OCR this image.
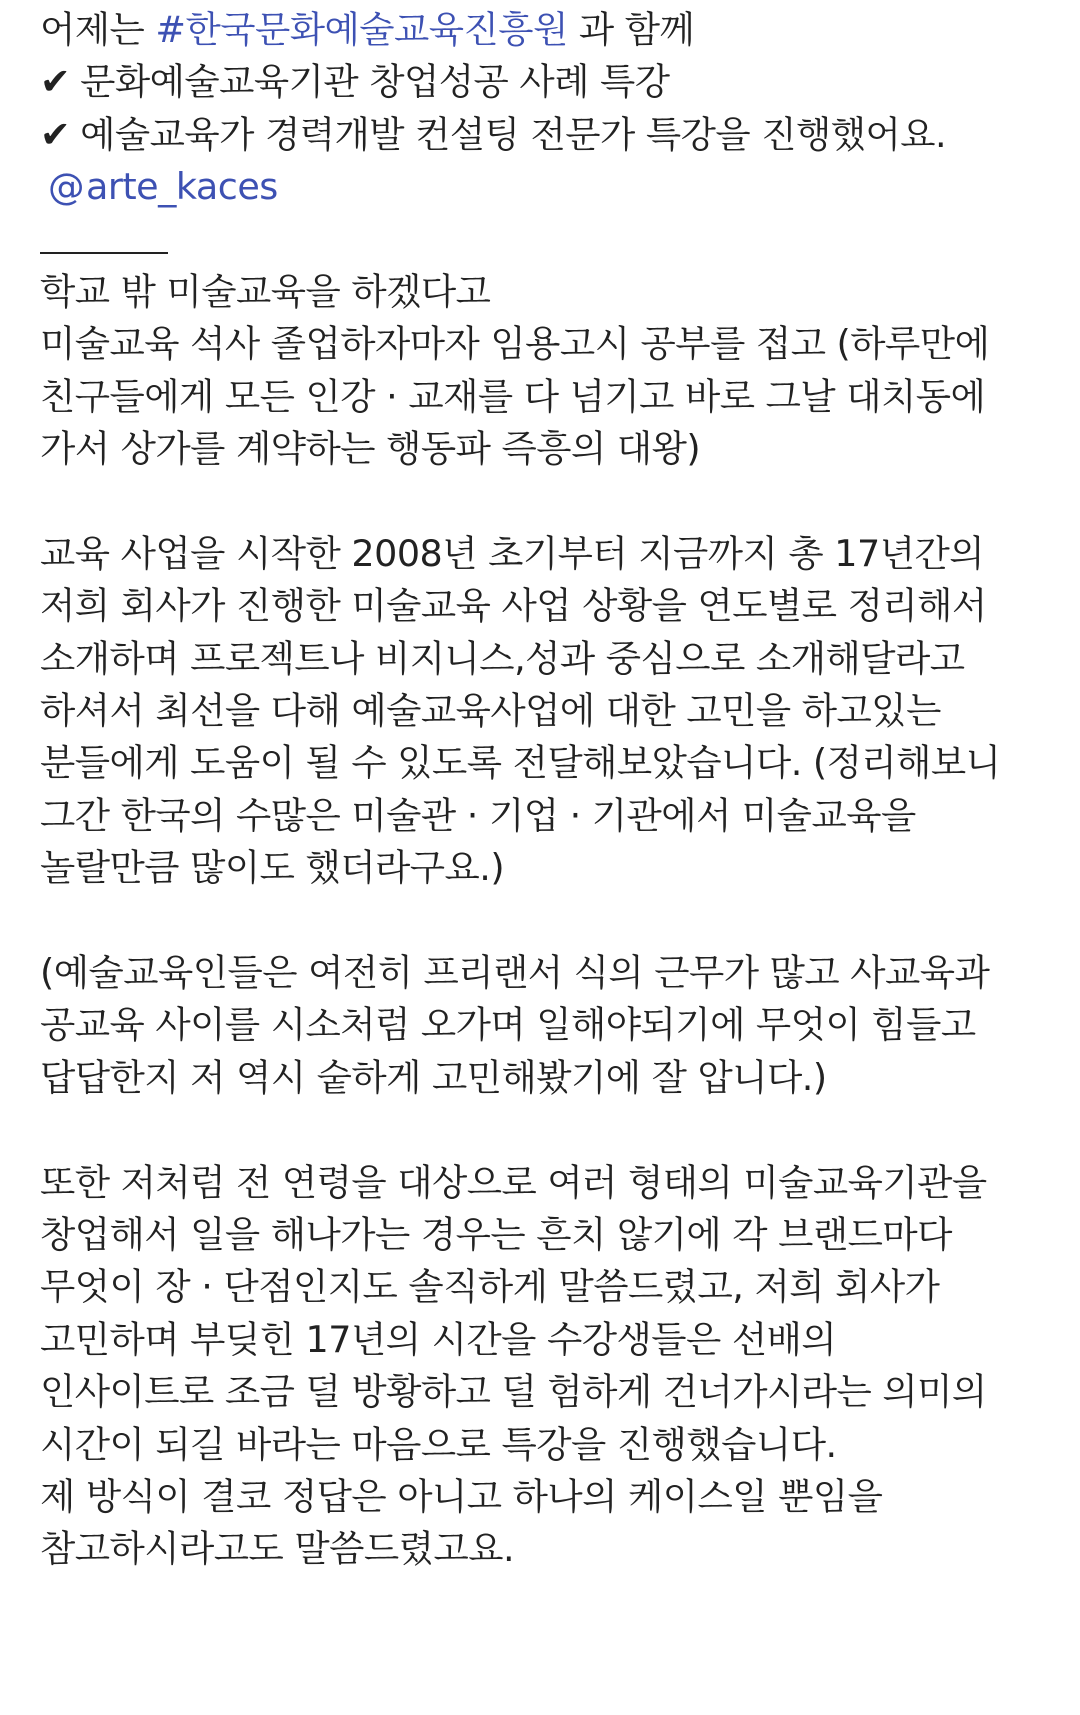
어제는 #한국문화예술교육진흥원 과 함께
✔ 문화예술교육기관 창업성공 사례 특강
✔ 예술교육가 경력개발 컨설팅 전문가 특강을 진행했어요.
@arte_kaces
학교 밖 미술교육을 하겠다고
미술교육 석사 졸업하자마자 임용고시 공부를 접고 (하루만에
친구들에게 모든 인강 · 교재를 다 넘기고 바로 그날 대치동에
가서 상가를 계약하는 행동파 즉흥의 대왕)
교육 사업을 시작한 2008년 초기부터 지금까지 총 17년간의
저희 회사가 진행한 미술교육 사업 상황을 연도별로 정리해서
소개하며 프로젝트나 비지니스,성과 중심으로 소개해달라고
하셔서 최선을 다해 예술교육사업에 대한 고민을 하고있는
분들에게 도움이 될 수 있도록 전달해보았습니다. (정리해보니
그간 한국의 수많은 미술관 · 기업 · 기관에서 미술교육을
놀랄만큼 많이도 했더라구요.)
(예술교육인들은 여전히 프리랜서 식의 근무가 많고 사교육과
공교육 사이를 시소처럼 오가며 일해야되기에 무엇이 힘들고
답답한지 저 역시 숱하게 고민해봤기에 잘 압니다.)
또한 저처럼 전 연령을 대상으로 여러 형태의 미술교육기관을
창업해서 일을 해나가는 경우는 흔치 않기에 각 브랜드마다
무엇이 장 · 단점인지도 솔직하게 말씀드렸고, 저희 회사가
고민하며 부딪힌 17년의 시간을 수강생들은 선배의
인사이트로 조금 덜 방황하고 덜 험하게 건너가시라는 의미의
시간이 되길 바라는 마음으로 특강을 진행했습니다.
제 방식이 결코 정답은 아니고 하나의 케이스일 뿐임을
참고하시라고도 말씀드렸고요.
